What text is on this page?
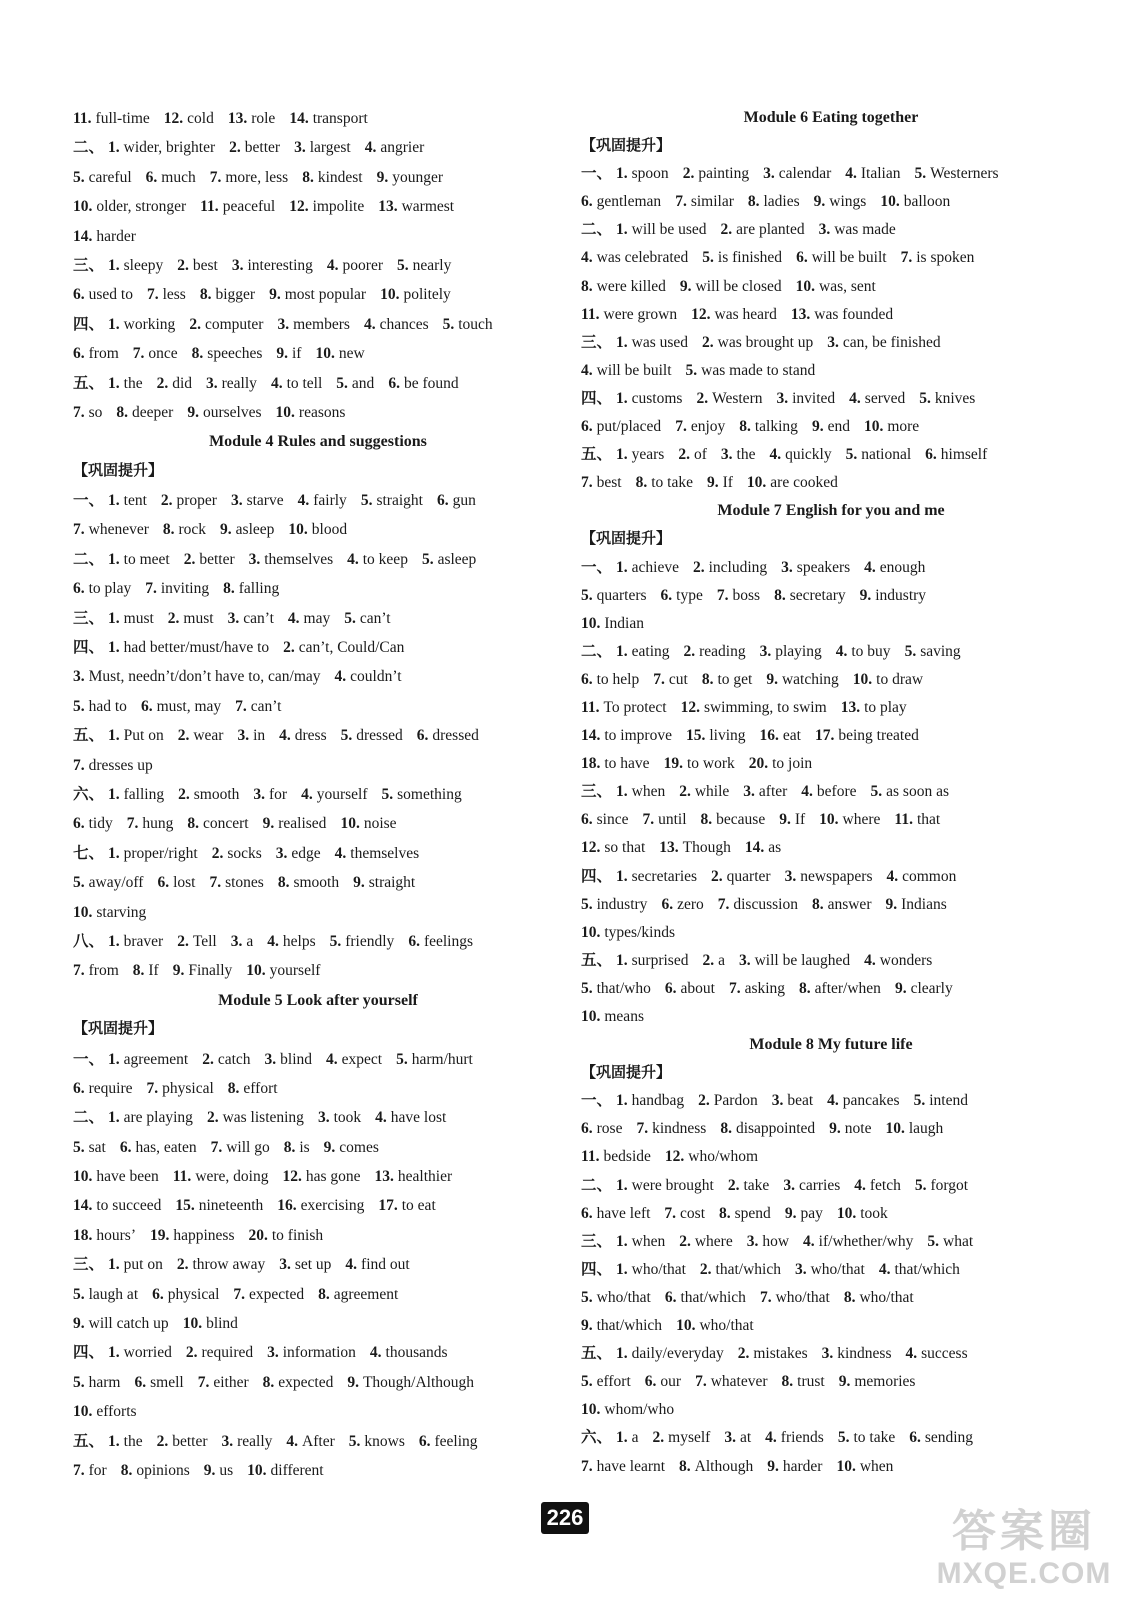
11. full-time 12. cold 13. role 14. transport
二、 1. wider, brighter 2. better 3. largest 4. angrier
5. careful 6. much 7. more, less 8. kindest 9. younger
10. older, stronger 11. peaceful 12. impolite 13. warmest
14. harder
三、 1. sleepy 2. best 3. interesting 4. poorer 5. nearly
6. used to 7. less 8. bigger 9. most popular 10. politely
四、 1. working 2. computer 3. members 4. chances 5. touch
6. from 7. once 8. speeches 9. if 10. new
五、 1. the 2. did 3. really 4. to tell 5. and 6. be found
7. so 8. deeper 9. ourselves 10. reasons
Module 4 Rules and suggestions
【巩固提升】
一、 1. tent 2. proper 3. starve 4. fairly 5. straight 6. gun
7. whenever 8. rock 9. asleep 10. blood
二、 1. to meet 2. better 3. themselves 4. to keep 5. asleep
6. to play 7. inviting 8. falling
三、 1. must 2. must 3. can’t 4. may 5. can’t
四、 1. had better/must/have to 2. can’t, Could/Can
3. Must, needn’t/don’t have to, can/may 4. couldn’t
5. had to 6. must, may 7. can’t
五、 1. Put on 2. wear 3. in 4. dress 5. dressed 6. dressed
7. dresses up
六、 1. falling 2. smooth 3. for 4. yourself 5. something
6. tidy 7. hung 8. concert 9. realised 10. noise
七、 1. proper/right 2. socks 3. edge 4. themselves
5. away/off 6. lost 7. stones 8. smooth 9. straight
10. starving
八、 1. braver 2. Tell 3. a 4. helps 5. friendly 6. feelings
7. from 8. If 9. Finally 10. yourself
Module 5 Look after yourself
【巩固提升】
一、 1. agreement 2. catch 3. blind 4. expect 5. harm/hurt
6. require 7. physical 8. effort
二、 1. are playing 2. was listening 3. took 4. have lost
5. sat 6. has, eaten 7. will go 8. is 9. comes
10. have been 11. were, doing 12. has gone 13. healthier
14. to succeed 15. nineteenth 16. exercising 17. to eat
18. hours’ 19. happiness 20. to finish
三、 1. put on 2. throw away 3. set up 4. find out
5. laugh at 6. physical 7. expected 8. agreement
9. will catch up 10. blind
四、 1. worried 2. required 3. information 4. thousands
5. harm 6. smell 7. either 8. expected 9. Though/Although
10. efforts
五、 1. the 2. better 3. really 4. After 5. knows 6. feeling
7. for 8. opinions 9. us 10. different
Module 6 Eating together
【巩固提升】
一、 1. spoon 2. painting 3. calendar 4. Italian 5. Westerners
6. gentleman 7. similar 8. ladies 9. wings 10. balloon
二、 1. will be used 2. are planted 3. was made
4. was celebrated 5. is finished 6. will be built 7. is spoken
8. were killed 9. will be closed 10. was, sent
11. were grown 12. was heard 13. was founded
三、 1. was used 2. was brought up 3. can, be finished
4. will be built 5. was made to stand
四、 1. customs 2. Western 3. invited 4. served 5. knives
6. put/placed 7. enjoy 8. talking 9. end 10. more
五、 1. years 2. of 3. the 4. quickly 5. national 6. himself
7. best 8. to take 9. If 10. are cooked
Module 7 English for you and me
【巩固提升】
一、 1. achieve 2. including 3. speakers 4. enough
5. quarters 6. type 7. boss 8. secretary 9. industry
10. Indian
二、 1. eating 2. reading 3. playing 4. to buy 5. saving
6. to help 7. cut 8. to get 9. watching 10. to draw
11. To protect 12. swimming, to swim 13. to play
14. to improve 15. living 16. eat 17. being treated
18. to have 19. to work 20. to join
三、 1. when 2. while 3. after 4. before 5. as soon as
6. since 7. until 8. because 9. If 10. where 11. that
12. so that 13. Though 14. as
四、 1. secretaries 2. quarter 3. newspapers 4. common
5. industry 6. zero 7. discussion 8. answer 9. Indians
10. types/kinds
五、 1. surprised 2. a 3. will be laughed 4. wonders
5. that/who 6. about 7. asking 8. after/when 9. clearly
10. means
Module 8 My future life
【巩固提升】
一、 1. handbag 2. Pardon 3. beat 4. pancakes 5. intend
6. rose 7. kindness 8. disappointed 9. note 10. laugh
11. bedside 12. who/whom
二、 1. were brought 2. take 3. carries 4. fetch 5. forgot
6. have left 7. cost 8. spend 9. pay 10. took
三、 1. when 2. where 3. how 4. if/whether/why 5. what
四、 1. who/that 2. that/which 3. who/that 4. that/which
5. who/that 6. that/which 7. who/that 8. who/that
9. that/which 10. who/that
五、 1. daily/everyday 2. mistakes 3. kindness 4. success
5. effort 6. our 7. whatever 8. trust 9. memories
10. whom/who
六、 1. a 2. myself 3. at 4. friends 5. to take 6. sending
7. have learnt 8. Although 9. harder 10. when
226	答案圈
MXQE.COM
